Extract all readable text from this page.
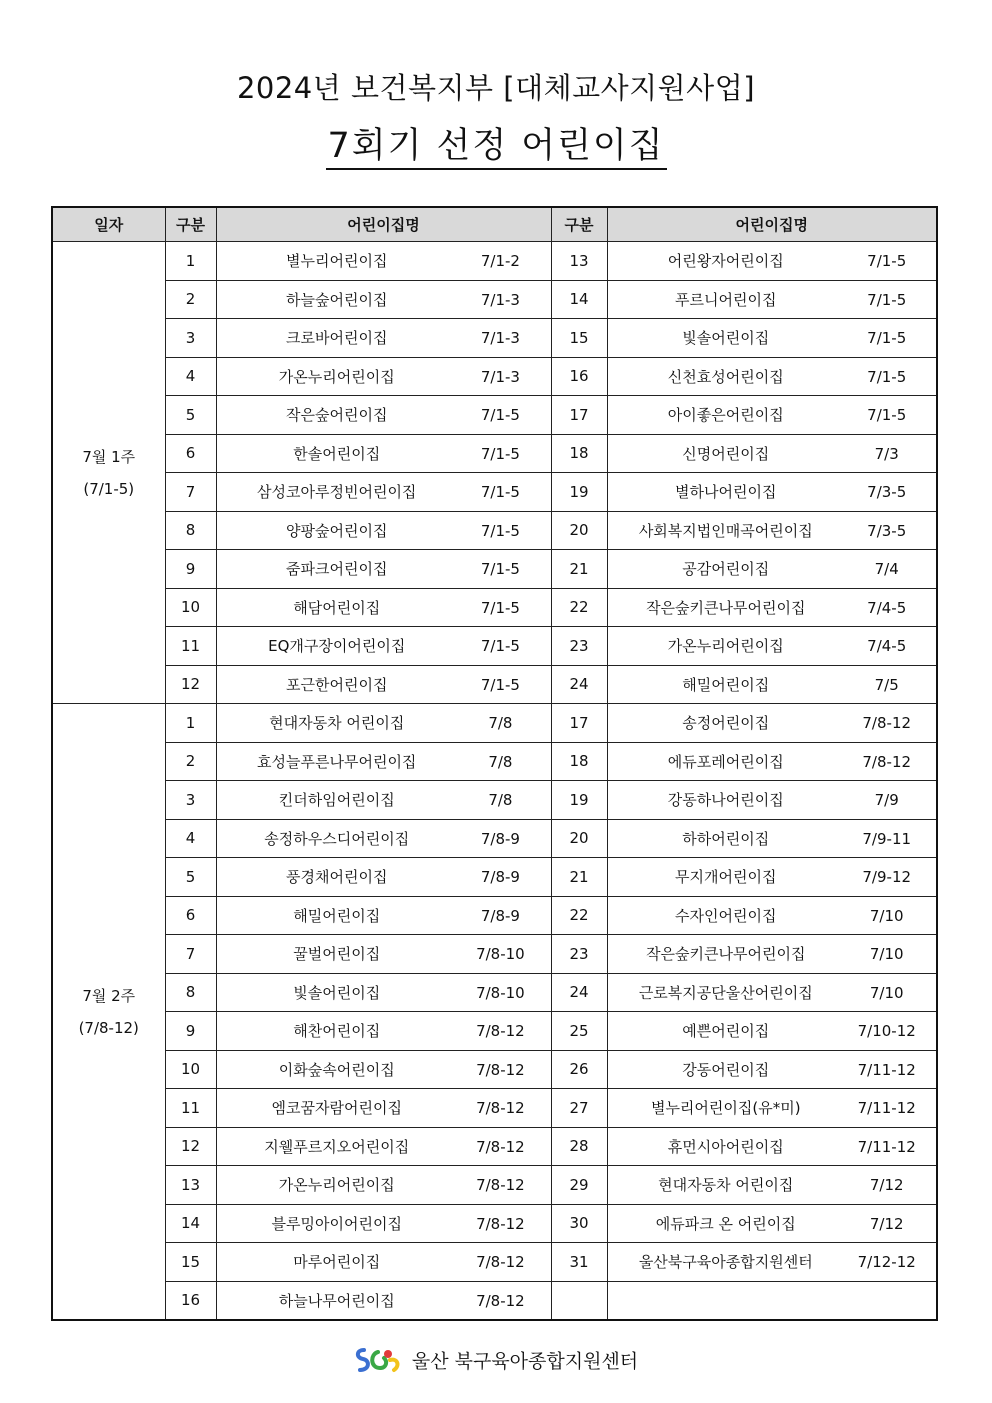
2024년 보건복지부 [대체교사지원사업]
7회기 선정 어린이집
일자	구분	어린이집명	구분	어린이집명

7월 1주
(7/1-5)	1	별누리어린이집 7/1-2	13	어린왕자어린이집 7/1-5
	2	하늘숲어린이집 7/1-3	14	푸르니어린이집 7/1-5
	3	크로바어린이집 7/1-3	15	빛솔어린이집 7/1-5
	4	가온누리어린이집 7/1-3	16	신천효성어린이집 7/1-5
	5	작은숲어린이집 7/1-5	17	아이좋은어린이집 7/1-5
	6	한솔어린이집 7/1-5	18	신명어린이집 7/3
	7	삼성코아루정빈어린이집 7/1-5	19	별하나어린이집 7/3-5
	8	양팡숲어린이집 7/1-5	20	사회복지법인매곡어린이집 7/3-5
	9	줌파크어린이집 7/1-5	21	공감어린이집 7/4
	10	해담어린이집 7/1-5	22	작은숲키큰나무어린이집 7/4-5
	11	EQ개구장이어린이집 7/1-5	23	가온누리어린이집 7/4-5
	12	포근한어린이집 7/1-5	24	해밀어린이집 7/5

7월 2주
(7/8-12)	1	현대자동차 어린이집 7/8	17	송정어린이집 7/8-12
	2	효성늘푸른나무어린이집 7/8	18	에듀포레어린이집 7/8-12
	3	킨더하임어린이집 7/8	19	강동하나어린이집 7/9
	4	송정하우스디어린이집 7/8-9	20	하하어린이집 7/9-11
	5	풍경채어린이집 7/8-9	21	무지개어린이집 7/9-12
	6	해밀어린이집 7/8-9	22	수자인어린이집 7/10
	7	꿀벌어린이집 7/8-10	23	작은숲키큰나무어린이집 7/10
	8	빛솔어린이집 7/8-10	24	근로복지공단울산어린이집 7/10
	9	해찬어린이집 7/8-12	25	예쁜어린이집 7/10-12
	10	이화숲속어린이집 7/8-12	26	강동어린이집 7/11-12
	11	엠코꿈자람어린이집 7/8-12	27	별누리어린이집(유*미) 7/11-12
	12	지웰푸르지오어린이집 7/8-12	28	휴먼시아어린이집 7/11-12
	13	가온누리어린이집 7/8-12	29	현대자동차 어린이집 7/12
	14	블루밍아이어린이집 7/8-12	30	에듀파크 온 어린이집 7/12
	15	마루어린이집 7/8-12	31	울산북구육아종합지원센터 7/12-12
	16	하늘나무어린이집 7/8-12		
울산 북구육아종합지원센터
